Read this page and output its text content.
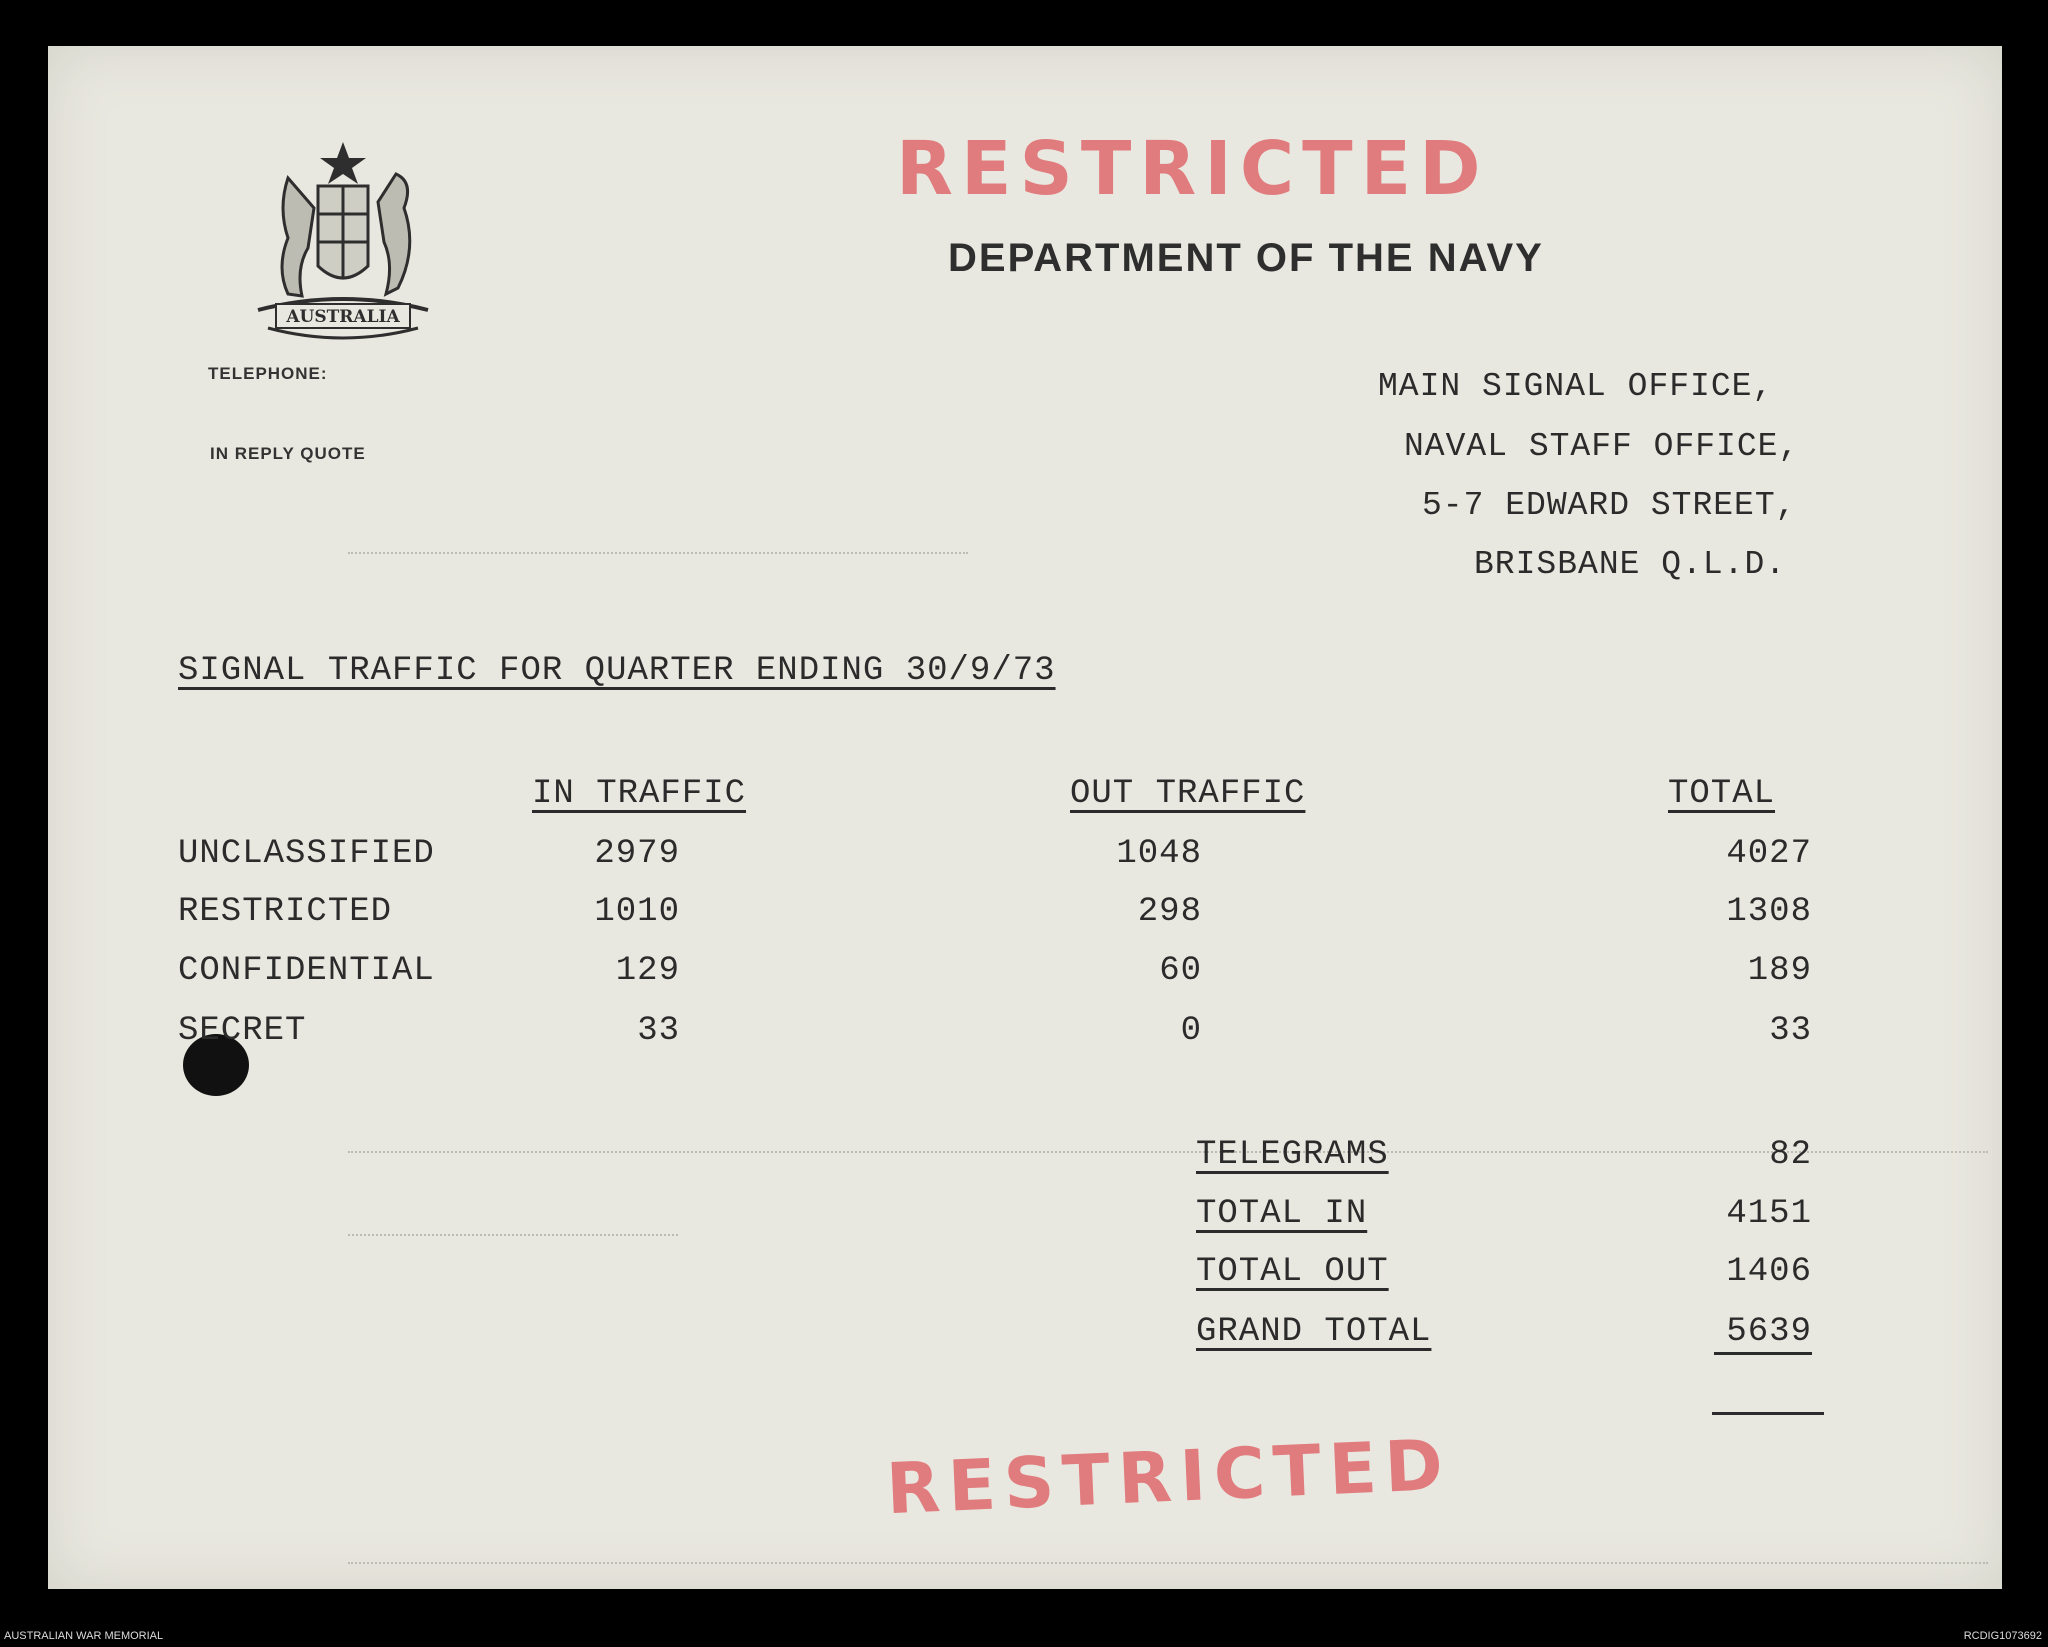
RESTRICTED
AUSTRALIA
DEPARTMENT OF THE NAVY
TELEPHONE:
IN REPLY QUOTE
RESTRICTED
MAIN SIGNAL OFFICE,
NAVAL STAFF OFFICE,
5-7 EDWARD STREET,
BRISBANE Q.L.D.
SIGNAL TRAFFIC FOR QUARTER ENDING 30/9/73
IN TRAFFIC	OUT TRAFFIC	TOTAL
UNCLASSIFIED	2979	1048	4027
RESTRICTED	1010	298	1308
CONFIDENTIAL	129	60	189
SECRET	33	0	33
TELEGRAMS	82
TOTAL IN	4151
TOTAL OUT	1406
GRAND TOTAL	5639
AUSTRALIAN WAR MEMORIAL	RCDIG1073692
